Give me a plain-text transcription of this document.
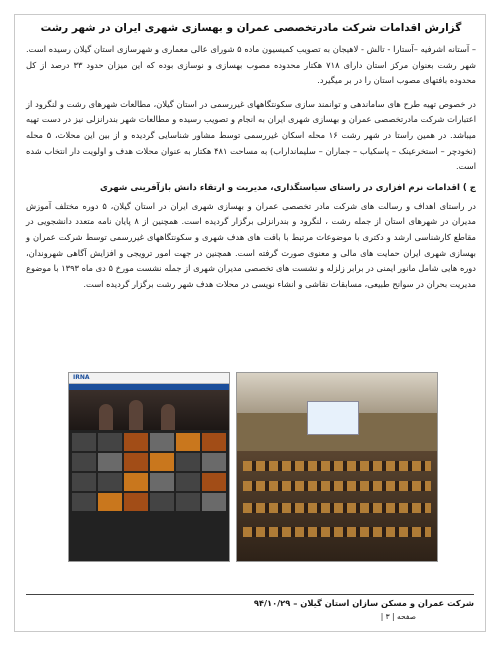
گزارش اقدامات شرکت مادرتخصصی عمران و بهسازی شهری ایران در شهر رشت

– آستانه اشرفیه –آستارا - تالش - لاهیجان به تصویب کمیسیون ماده ۵ شورای عالی معماری و شهرسازی استان گیلان رسیده است. شهر رشت بعنوان مرکز استان دارای ۷۱۸ هکتار محدوده مصوب بهسازی و نوسازی بوده که این میزان حدود ۳۳ درصد از کل محدوده بافتهای مصوب استان را در بر میگیرد.

در خصوص تهیه طرح های ساماندهی و توانمند سازی سکونتگاههای غیررسمی در استان گیلان، مطالعات شهرهای رشت و لنگرود از اعتبارات شرکت مادرتخصصی عمران و بهسازی شهری ایران به انجام و تصویب رسیده و مطالعات شهر بندرانزلی نیز در دست تهیه میباشد. در همین راستا در شهر رشت ۱۶ محله اسکان غیررسمی توسط مشاور شناسایی گردیده و از بین این محلات، ۵ محله (نخودچر – استخرعینک – پاسکیاب – جماران – سلیمانداراب) به مساحت ۴۸۱ هکتار به عنوان محلات هدف و اولویت دار انتخاب شده است.

ج ) اقدامات نرم افزاری در راستای سیاستگذاری، مدیریت و ارتقاء دانش بازآفرینی شهری

در راستای اهداف و رسالت های شرکت مادر تخصصی عمران و بهسازی شهری ایران در استان گیلان، ۵ دوره مختلف آموزش مدیران در شهرهای استان از جمله رشت ، لنگرود و بندرانزلی برگزار گردیده است. همچنین از ۸ پایان نامه متعدد دانشجویی در مقاطع کارشناسی ارشد و دکتری با موضوعات مرتبط با بافت های هدف شهری و سکونتگاههای غیررسمی توسط شرکت عمران و بهسازی شهری ایران حمایت های مالی و معنوی صورت گرفته است. همچنین در جهت امور ترویجی و افزایش آگاهی شهروندان، دوره هایی شامل مانور ایمنی در برابر زلزله و نشست های تخصصی مدیران شهری از جمله نشست مورخ ۵ دی ماه ۱۳۹۳ با موضوع مدیریت بحران در سوانح طبیعی، مسابقات نقاشی و انشاء نویسی در محلات هدف شهر رشت برگزار گردیده است.

IRNA
شرکت عمران و مسکن سازان استان گیلان – ۹۴/۱۰/۲۹
صفحه | ۳ |
